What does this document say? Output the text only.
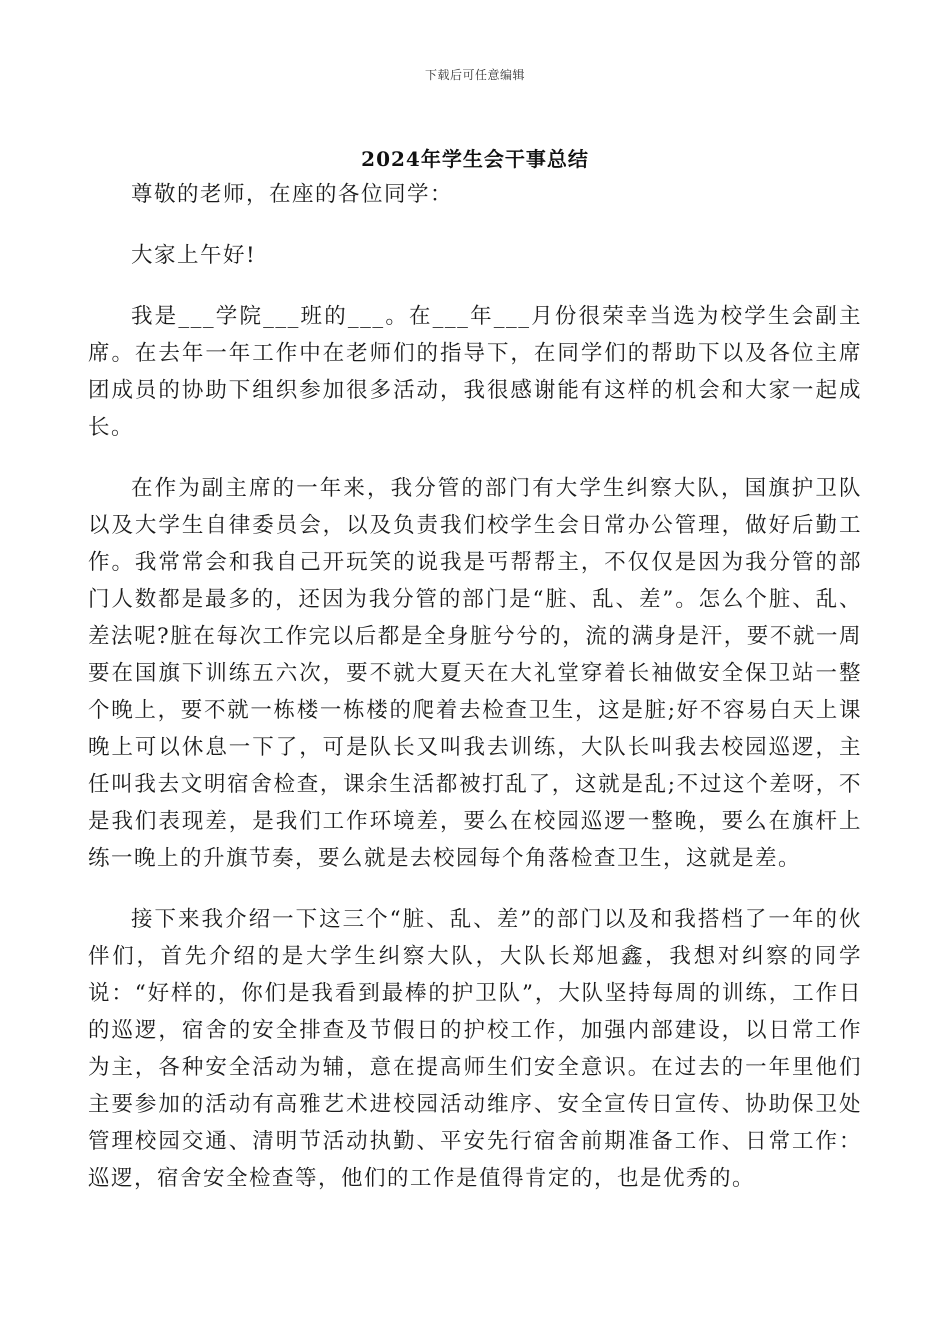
下载后可任意编辑
2024年学生会干事总结

尊敬的老师，在座的各位同学：

大家上午好!

我是___学院___班的___。在___年___月份很荣幸当选为校学生会副主席。在去年一年工作中在老师们的指导下，在同学们的帮助下以及各位主席团成员的协助下组织参加很多活动，我很感谢能有这样的机会和大家一起成长。

在作为副主席的一年来，我分管的部门有大学生纠察大队，国旗护卫队以及大学生自律委员会，以及负责我们校学生会日常办公管理，做好后勤工作。我常常会和我自己开玩笑的说我是丐帮帮主，不仅仅是因为我分管的部门人数都是最多的，还因为我分管的部门是“脏、乱、差”。怎么个脏、乱、差法呢?脏在每次工作完以后都是全身脏兮兮的，流的满身是汗，要不就一周要在国旗下训练五六次，要不就大夏天在大礼堂穿着长袖做安全保卫站一整个晚上，要不就一栋楼一栋楼的爬着去检查卫生，这是脏;好不容易白天上课晚上可以休息一下了，可是队长又叫我去训练，大队长叫我去校园巡逻，主任叫我去文明宿舍检查，课余生活都被打乱了，这就是乱;不过这个差呀，不是我们表现差，是我们工作环境差，要么在校园巡逻一整晚，要么在旗杆上练一晚上的升旗节奏，要么就是去校园每个角落检查卫生，这就是差。

接下来我介绍一下这三个“脏、乱、差”的部门以及和我搭档了一年的伙伴们，首先介绍的是大学生纠察大队，大队长郑旭鑫，我想对纠察的同学说：“好样的，你们是我看到最棒的护卫队”，大队坚持每周的训练，工作日的巡逻，宿舍的安全排查及节假日的护校工作，加强内部建设，以日常工作为主，各种安全活动为辅，意在提高师生们安全意识。在过去的一年里他们主要参加的活动有高雅艺术进校园活动维序、安全宣传日宣传、协助保卫处管理校园交通、清明节活动执勤、平安先行宿舍前期准备工作、日常工作：巡逻，宿舍安全检查等，他们的工作是值得肯定的，也是优秀的。
